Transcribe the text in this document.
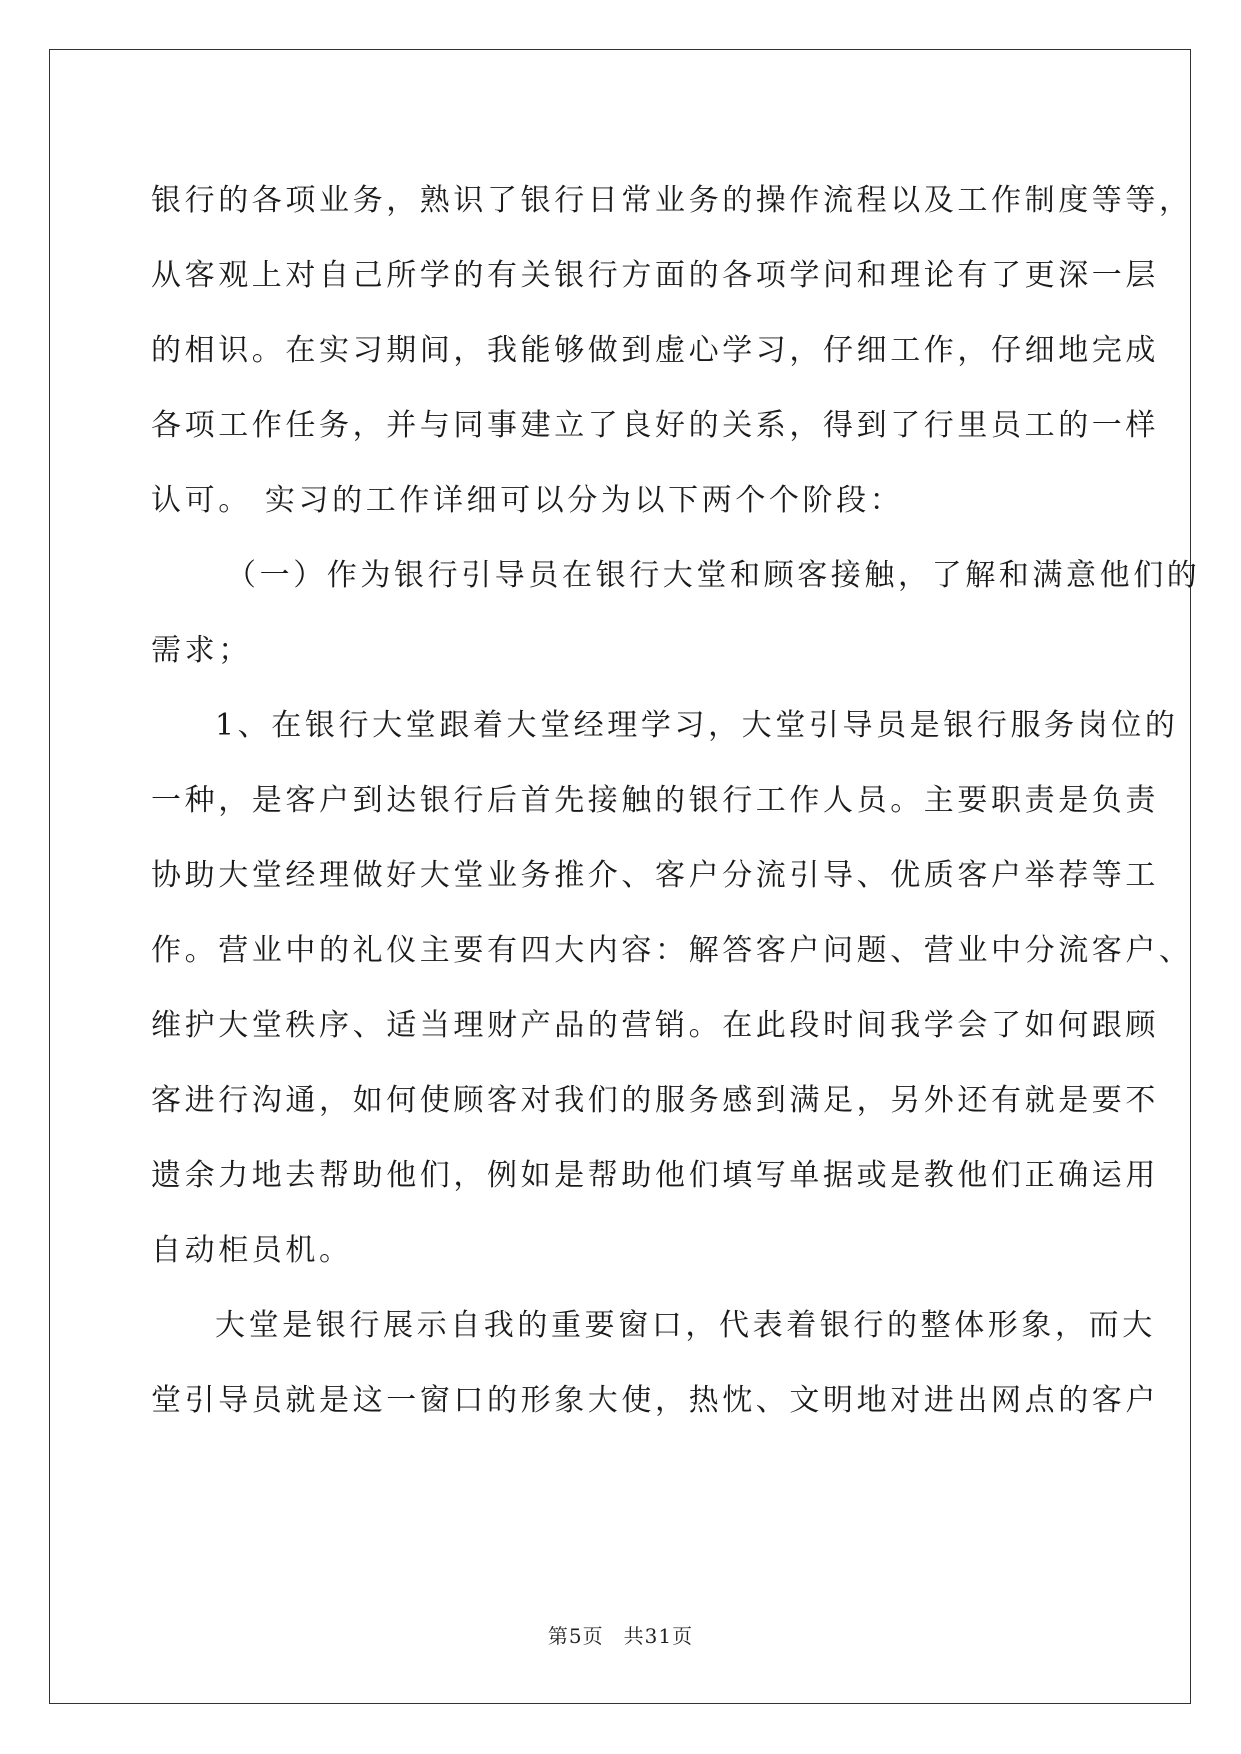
银行的各项业务，熟识了银行日常业务的操作流程以及工作制度等等，
从客观上对自己所学的有关银行方面的各项学问和理论有了更深一层
的相识。在实习期间，我能够做到虚心学习，仔细工作，仔细地完成
各项工作任务，并与同事建立了良好的关系，得到了行里员工的一样
认可。 实习的工作详细可以分为以下两个个阶段：
（一）作为银行引导员在银行大堂和顾客接触，了解和满意他们的
需求；
1、在银行大堂跟着大堂经理学习，大堂引导员是银行服务岗位的
一种，是客户到达银行后首先接触的银行工作人员。主要职责是负责
协助大堂经理做好大堂业务推介、客户分流引导、优质客户举荐等工
作。营业中的礼仪主要有四大内容：解答客户问题、营业中分流客户、
维护大堂秩序、适当理财产品的营销。在此段时间我学会了如何跟顾
客进行沟通，如何使顾客对我们的服务感到满足，另外还有就是要不
遗余力地去帮助他们，例如是帮助他们填写单据或是教他们正确运用
自动柜员机。
大堂是银行展示自我的重要窗口，代表着银行的整体形象，而大
堂引导员就是这一窗口的形象大使，热忱、文明地对进出网点的客户
第5页 共31页
